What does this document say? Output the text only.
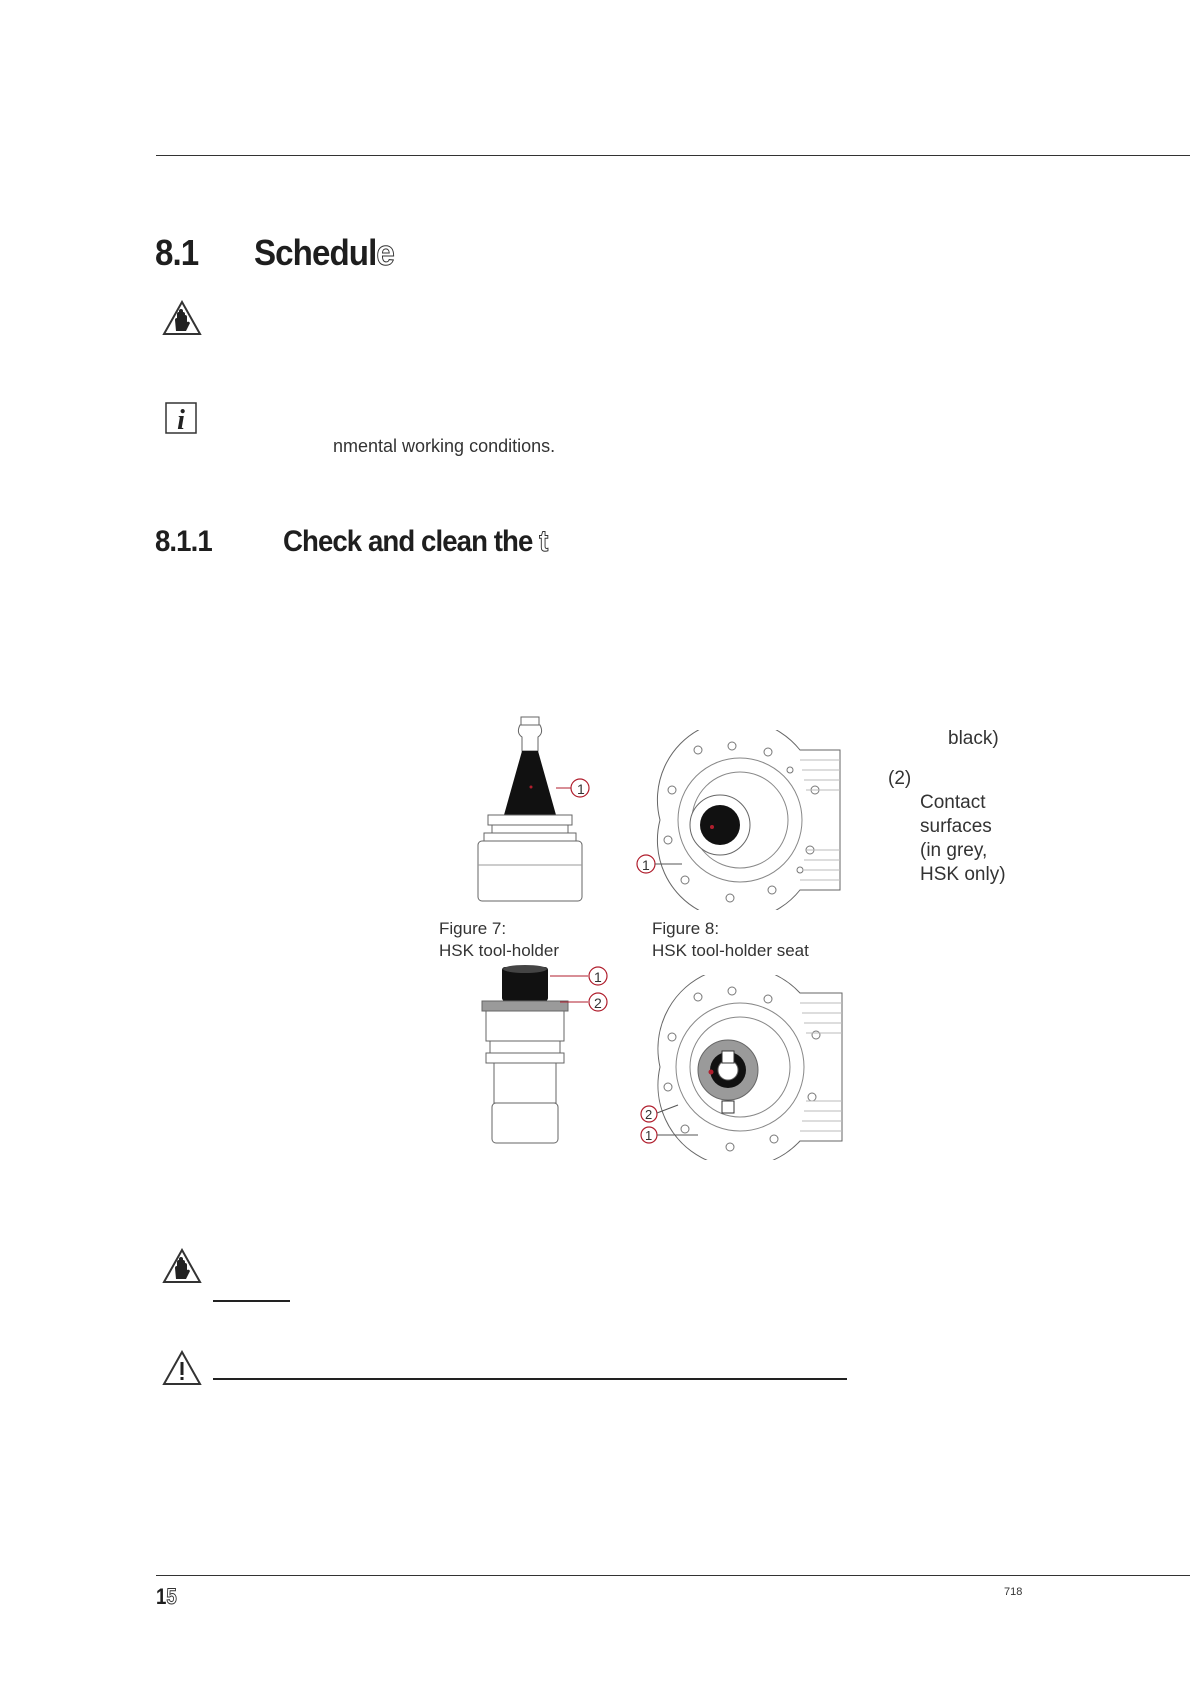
8.1 Schedule
i
nmental working conditions.
8.1.1 Check and clean the t
1
1
Figure 7:
HSK tool-holder
Figure 8:
HSK tool-holder seat
1
2
2
1
black)
(2)
Contact
surfaces
(in grey,
HSK only)
15	718
